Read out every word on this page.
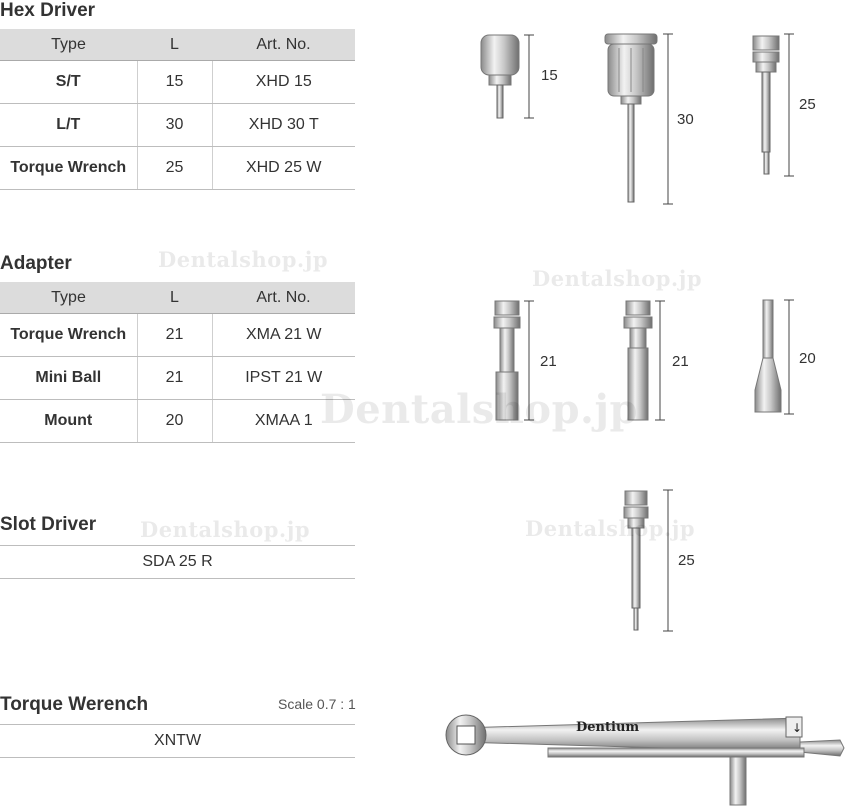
Hex Driver
Type	L	Art. No.
S/T	15	XHD 15
L/T	30	XHD 30 T
Torque Wrench	25	XHD 25 W
Adapter
Type	L	Art. No.
Torque Wrench	21	XMA 21 W
Mini Ball	21	IPST 21 W
Mount	20	XMAA 1
Slot Driver
SDA 25 R
Torque Werench	Scale 0.7 : 1
XNTW
↓
Dentium
15
30
25
21	21	20
25
Dentalshop.jp
Dentalshop.jp
Dentalshop.jp
Dentalshop.jp	Dentalshop.jp
